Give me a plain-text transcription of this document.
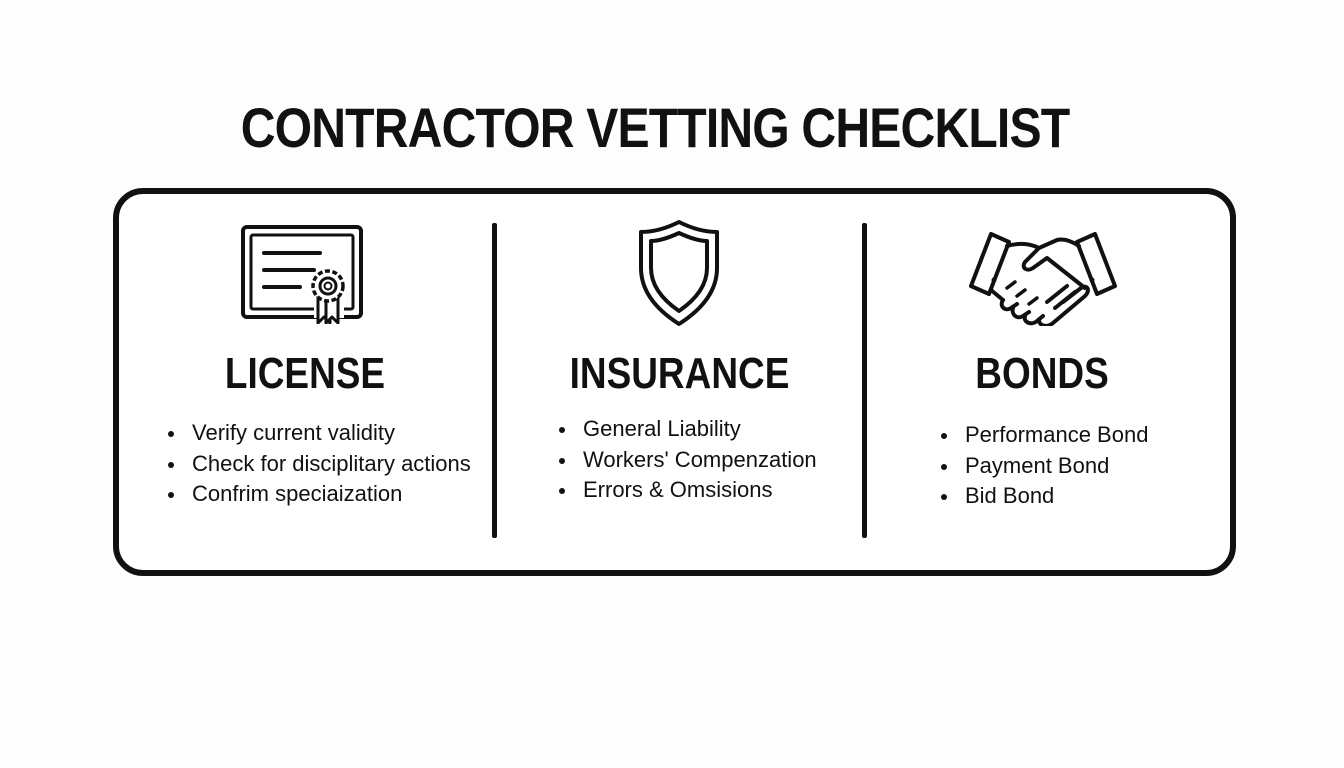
CONTRACTOR VETTING CHECKLIST
LICENSE
Verify current validity
Check for disciplitary actions
Confrim speciaization
INSURANCE
General Liability
Workers' Compenzation
Errors & Omsisions
BONDS
Performance Bond
Payment Bond
Bid Bond
